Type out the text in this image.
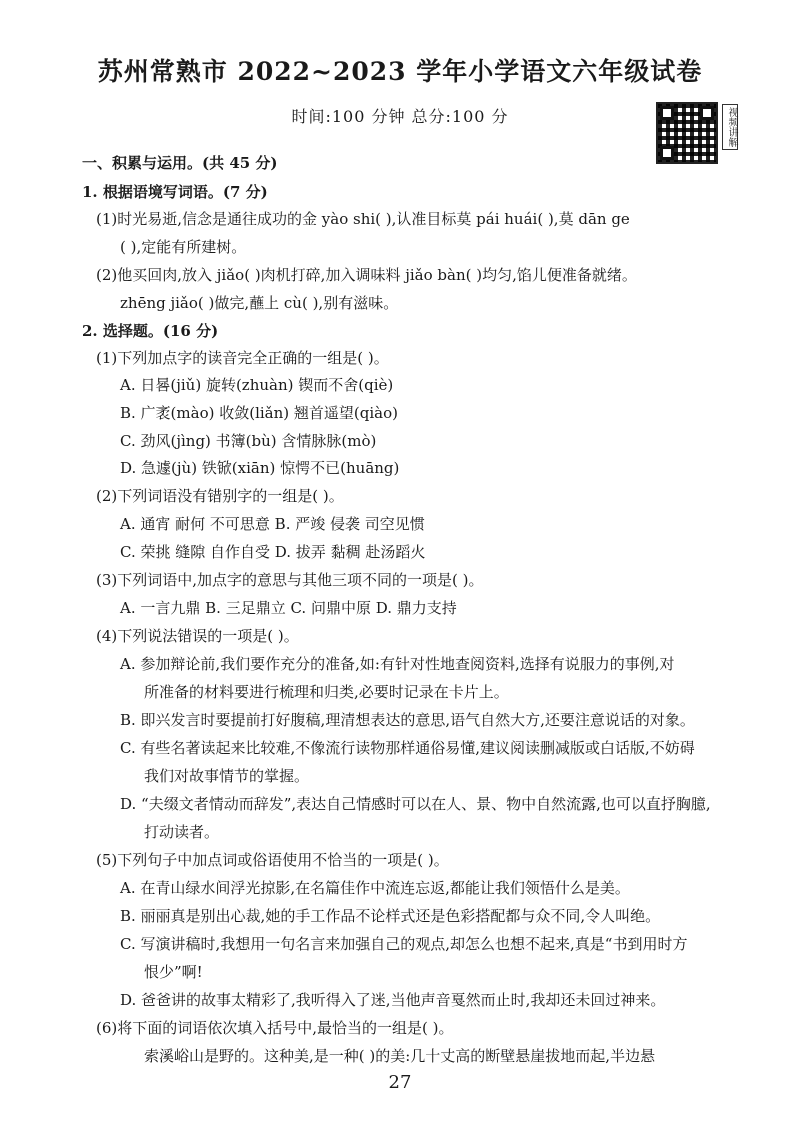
苏州常熟市 2022~2023 学年小学语文六年级试卷
时间:100 分钟 总分:100 分	视频讲解
一、积累与运用。(共 45 分)
1. 根据语境写词语。(7 分)
(1)时光易逝,信念是通往成功的金 yào shi( ),认准目标莫 pái huái( ),莫 dān ge
( ),定能有所建树。
(2)他买回肉,放入 jiǎo( )肉机打碎,加入调味料 jiǎo bàn( )均匀,馅儿便准备就绪。
zhēng jiǎo( )做完,蘸上 cù( ),别有滋味。
2. 选择题。(16 分)
(1)下列加点字的读音完全正确的一组是( )。
A. 日晷(jiǔ) 旋转(zhuàn) 锲而不舍(qiè)
B. 广袤(mào) 收敛(liǎn) 翘首遥望(qiào)
C. 劲风(jìng) 书簿(bù) 含情脉脉(mò)
D. 急遽(jù) 铁锨(xiān) 惊愕不已(huāng)
(2)下列词语没有错别字的一组是( )。
A. 通宵 耐何 不可思意 B. 严竣 侵袭 司空见惯
C. 荣挑 缝隙 自作自受 D. 拔弄 黏稠 赴汤蹈火
(3)下列词语中,加点字的意思与其他三项不同的一项是( )。
A. 一言九鼎 B. 三足鼎立 C. 问鼎中原 D. 鼎力支持
(4)下列说法错误的一项是( )。
A. 参加辩论前,我们要作充分的准备,如:有针对性地查阅资料,选择有说服力的事例,对
所准备的材料要进行梳理和归类,必要时记录在卡片上。
B. 即兴发言时要提前打好腹稿,理清想表达的意思,语气自然大方,还要注意说话的对象。
C. 有些名著读起来比较难,不像流行读物那样通俗易懂,建议阅读删减版或白话版,不妨碍
我们对故事情节的掌握。
D. “夫缀文者情动而辞发”,表达自己情感时可以在人、景、物中自然流露,也可以直抒胸臆,
打动读者。
(5)下列句子中加点词或俗语使用不恰当的一项是( )。
A. 在青山绿水间浮光掠影,在名篇佳作中流连忘返,都能让我们领悟什么是美。
B. 丽丽真是别出心裁,她的手工作品不论样式还是色彩搭配都与众不同,令人叫绝。
C. 写演讲稿时,我想用一句名言来加强自己的观点,却怎么也想不起来,真是“书到用时方
恨少”啊!
D. 爸爸讲的故事太精彩了,我听得入了迷,当他声音戛然而止时,我却还未回过神来。
(6)将下面的词语依次填入括号中,最恰当的一组是( )。
索溪峪山是野的。这种美,是一种( )的美:几十丈高的断壁悬崖拔地而起,半边悬
27
